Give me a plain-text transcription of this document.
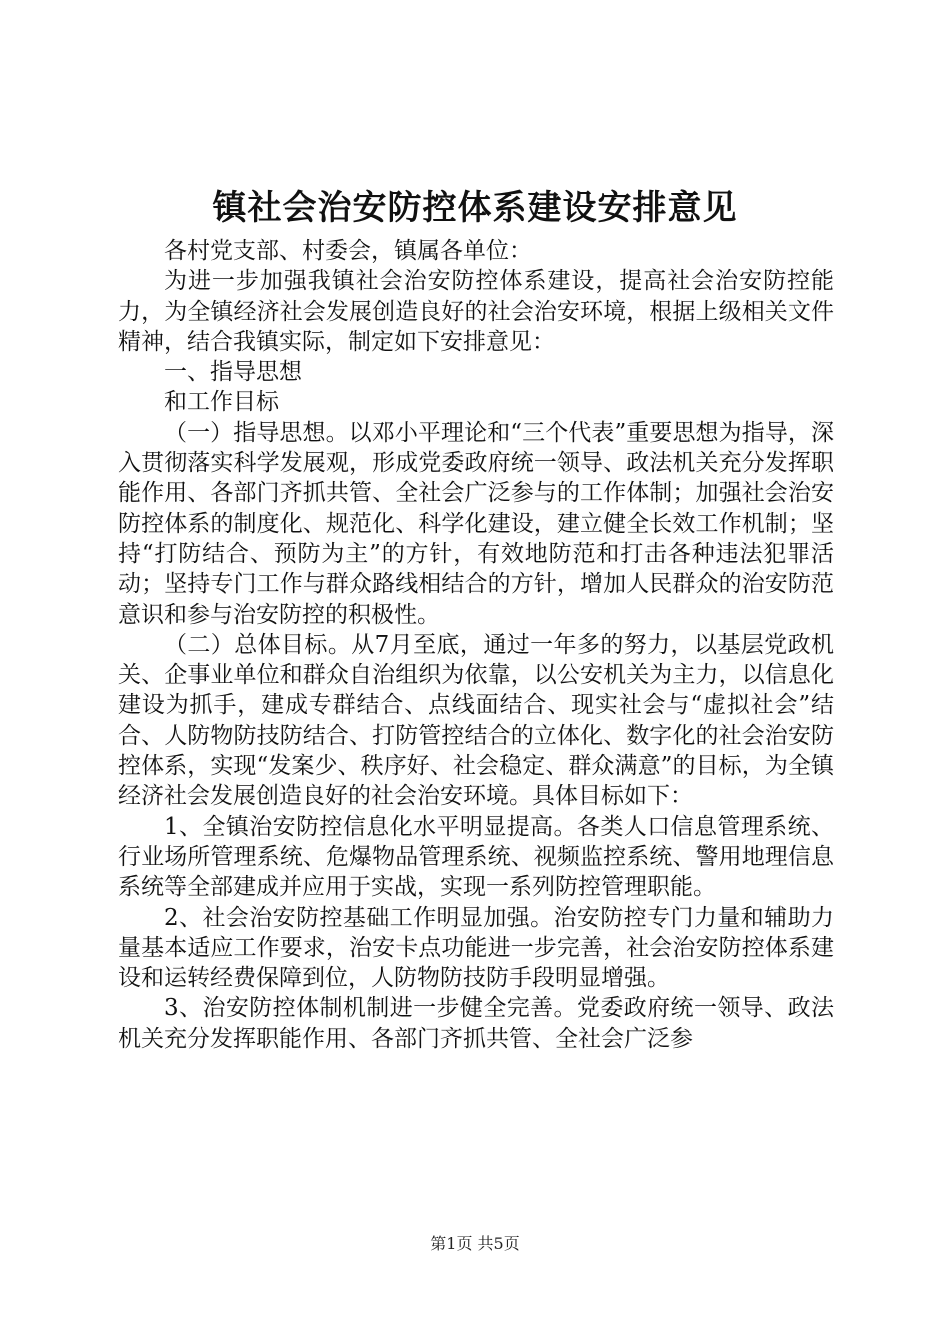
镇社会治安防控体系建设安排意见

各村党支部、村委会，镇属各单位：

为进一步加强我镇社会治安防控体系建设，提高社会治安防控能力，为全镇经济社会发展创造良好的社会治安环境，根据上级相关文件精神，结合我镇实际，制定如下安排意见：

一、指导思想

和工作目标

（一）指导思想。以邓小平理论和“三个代表”重要思想为指导，深入贯彻落实科学发展观，形成党委政府统一领导、政法机关充分发挥职能作用、各部门齐抓共管、全社会广泛参与的工作体制；加强社会治安防控体系的制度化、规范化、科学化建设，建立健全长效工作机制；坚持“打防结合、预防为主”的方针，有效地防范和打击各种违法犯罪活动；坚持专门工作与群众路线相结合的方针，增加人民群众的治安防范意识和参与治安防控的积极性。

（二）总体目标。从7月至底，通过一年多的努力，以基层党政机关、企事业单位和群众自治组织为依靠，以公安机关为主力，以信息化建设为抓手，建成专群结合、点线面结合、现实社会与“虚拟社会”结合、人防物防技防结合、打防管控结合的立体化、数字化的社会治安防控体系，实现“发案少、秩序好、社会稳定、群众满意”的目标，为全镇经济社会发展创造良好的社会治安环境。具体目标如下：

1、全镇治安防控信息化水平明显提高。各类人口信息管理系统、行业场所管理系统、危爆物品管理系统、视频监控系统、警用地理信息系统等全部建成并应用于实战，实现一系列防控管理职能。

2、社会治安防控基础工作明显加强。治安防控专门力量和辅助力量基本适应工作要求，治安卡点功能进一步完善，社会治安防控体系建设和运转经费保障到位，人防物防技防手段明显增强。

3、治安防控体制机制进一步健全完善。党委政府统一领导、政法机关充分发挥职能作用、各部门齐抓共管、全社会广泛参

第1页 共5页
